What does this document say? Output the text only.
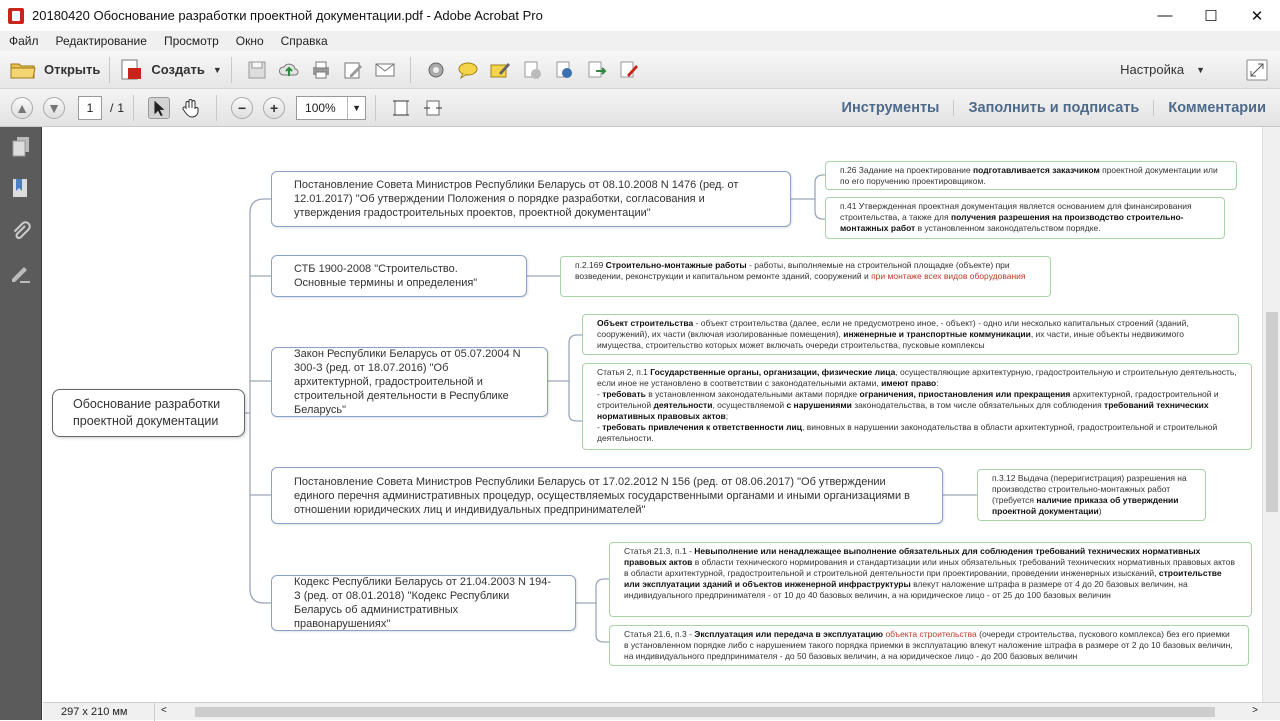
20180420 Обоснование разработки проектной документации.pdf - Adobe Acrobat Pro	—	☐	✕
Файл	Редактирование	Просмотр	Окно	Справка
Открыть	Создать ▼	Настройка ▼
▲ ▼	1	/ 1	−	+	100%	▼	Инструменты	Заполнить и подписать	Комментарии
Обоснование разработки проектной документации
Постановление Совета Министров Республики Беларусь от 08.10.2008 N 1476 (ред. от 12.01.2017) "Об утверждении Положения о порядке разработки, согласования и утверждения градостроительных проектов, проектной документации"
СТБ 1900-2008 "Строительство. Основные термины и определения"
Закон Республики Беларусь от 05.07.2004 N 300-З (ред. от 18.07.2016) "Об архитектурной, градостроительной и строительной деятельности в Республике Беларусь"
Постановление Совета Министров Республики Беларусь от 17.02.2012 N 156 (ред. от 08.06.2017) "Об утверждении единого перечня административных процедур, осуществляемых государственными органами и иными организациями в отношении юридических лиц и индивидуальных предпринимателей"
Кодекс Республики Беларусь от 21.04.2003 N 194-З (ред. от 08.01.2018) "Кодекс Республики Беларусь об административных правонарушениях"
п.26 Задание на проектирование подготавливается заказчиком проектной документации или по его поручению проектировщиком.
п.41 Утвержденная проектная документация является основанием для финансирования строительства, а также для получения разрешения на производство строительно-монтажных работ в установленном законодательством порядке.
п.2.169 Строительно-монтажные работы - работы, выполняемые на строительной площадке (объекте) при возведении, реконструкции и капитальном ремонте зданий, сооружений и при монтаже всех видов оборудования
Объект строительства - объект строительства (далее, если не предусмотрено иное, - объект) - одно или несколько капитальных строений (зданий, сооружений), их части (включая изолированные помещения), инженерные и транспортные коммуникации, их части, иные объекты недвижимого имущества, строительство которых может включать очереди строительства, пусковые комплексы
Статья 2, п.1 Государственные органы, организации, физические лица, осуществляющие архитектурную, градостроительную и строительную деятельность, если иное не установлено в соответствии с законодательными актами, имеют право:
- требовать в установленном законодательными актами порядке ограничения, приостановления или прекращения архитектурной, градостроительной и строительной деятельности, осуществляемой с нарушениями законодательства, в том числе обязательных для соблюдения требований технических нормативных правовых актов;
- требовать привлечения к ответственности лиц, виновных в нарушении законодательства в области архитектурной, градостроительной и строительной деятельности.
п.3.12 Выдача (переригистрация) разрешения на производство строительно-монтажных работ (требуется наличие приказа об утверждении проектной документации)
Статья 21.3, п.1 - Невыполнение или ненадлежащее выполнение обязательных для соблюдения требований технических нормативных правовых актов в области технического нормирования и стандартизации или иных обязательных требований технических нормативных правовых актов в области архитектурной, градостроительной и строительной деятельности при проектировании, проведении инженерных изысканий, строительстве или эксплуатации зданий и объектов инженерной инфраструктуры влекут наложение штрафа в размере от 4 до 20 базовых величин, на индивидуального предпринимателя - от 10 до 40 базовых величин, а на юридическое лицо - от 25 до 100 базовых величин
Статья 21.6, п.3 - Эксплуатация или передача в эксплуатацию объекта строительства (очереди строительства, пускового комплекса) без его приемки в установленном порядке либо с нарушением такого порядка приемки в эксплуатацию влекут наложение штрафа в размере от 2 до 10 базовых величин, на индивидуального предпринимателя - до 50 базовых величин, а на юридическое лицо - до 200 базовых величин
297 x 210 мм	<	>
